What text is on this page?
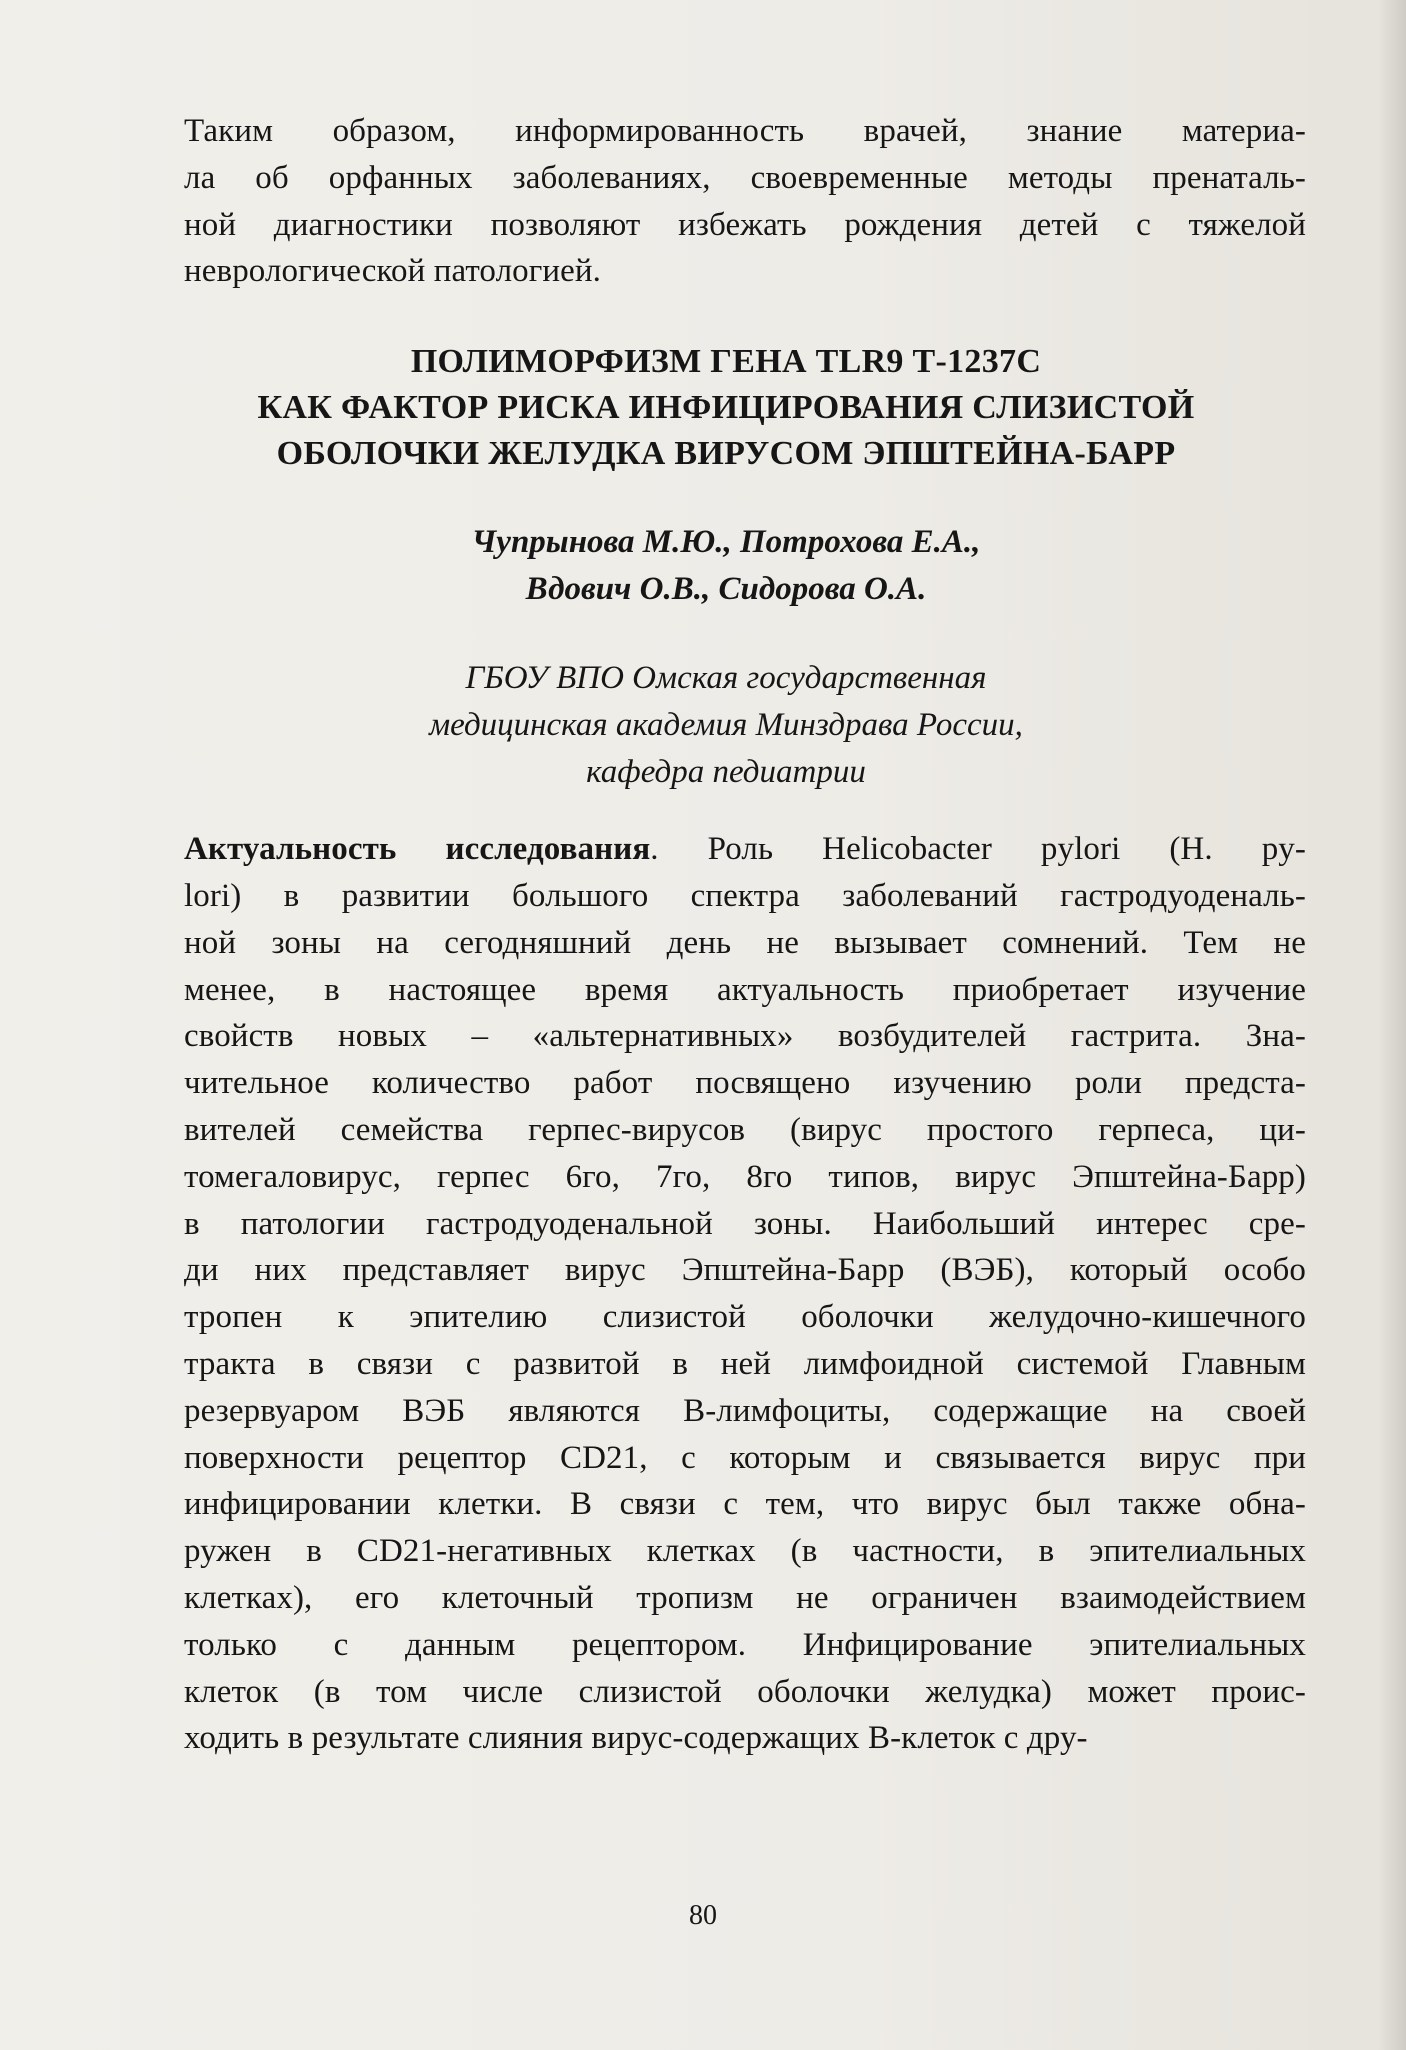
Таким образом, информированность врачей, знание материа-
ла об орфанных заболеваниях, своевременные методы пренаталь-
ной диагностики позволяют избежать рождения детей с тяжелой
неврологической патологией.

ПОЛИМОРФИЗМ ГЕНА TLR9 Т-1237С
КАК ФАКТОР РИСКА ИНФИЦИРОВАНИЯ СЛИЗИСТОЙ
ОБОЛОЧКИ ЖЕЛУДКА ВИРУСОМ ЭПШТЕЙНА-БАРР
Чупрынова М.Ю., Потрохова Е.А.,
Вдович О.В., Сидорова О.А.
ГБОУ ВПО Омская государственная
медицинская академия Минздрава России,
кафедра педиатрии

Актуальность исследования. Роль Helicobacter pylori (H. py-
lori) в развитии большого спектра заболеваний гастродуоденаль-
ной зоны на сегодняшний день не вызывает сомнений. Тем не
менее, в настоящее время актуальность приобретает изучение
свойств новых – «альтернативных» возбудителей гастрита. Зна-
чительное количество работ посвящено изучению роли предста-
вителей семейства герпес-вирусов (вирус простого герпеса, ци-
томегаловирус, герпес 6го, 7го, 8го типов, вирус Эпштейна-Барр)
в патологии гастродуоденальной зоны. Наибольший интерес сре-
ди них представляет вирус Эпштейна-Барр (ВЭБ), который особо
тропен к эпителию слизистой оболочки желудочно-кишечного
тракта в связи с развитой в ней лимфоидной системой Главным
резервуаром ВЭБ являются В-лимфоциты, содержащие на своей
поверхности рецептор CD21, с которым и связывается вирус при
инфицировании клетки. В связи с тем, что вирус был также обна-
ружен в CD21-негативных клетках (в частности, в эпителиальных
клетках), его клеточный тропизм не ограничен взаимодействием
только с данным рецептором. Инфицирование эпителиальных
клеток (в том числе слизистой оболочки желудка) может проис-
ходить в результате слияния вирус-содержащих В-клеток с дру-

80
